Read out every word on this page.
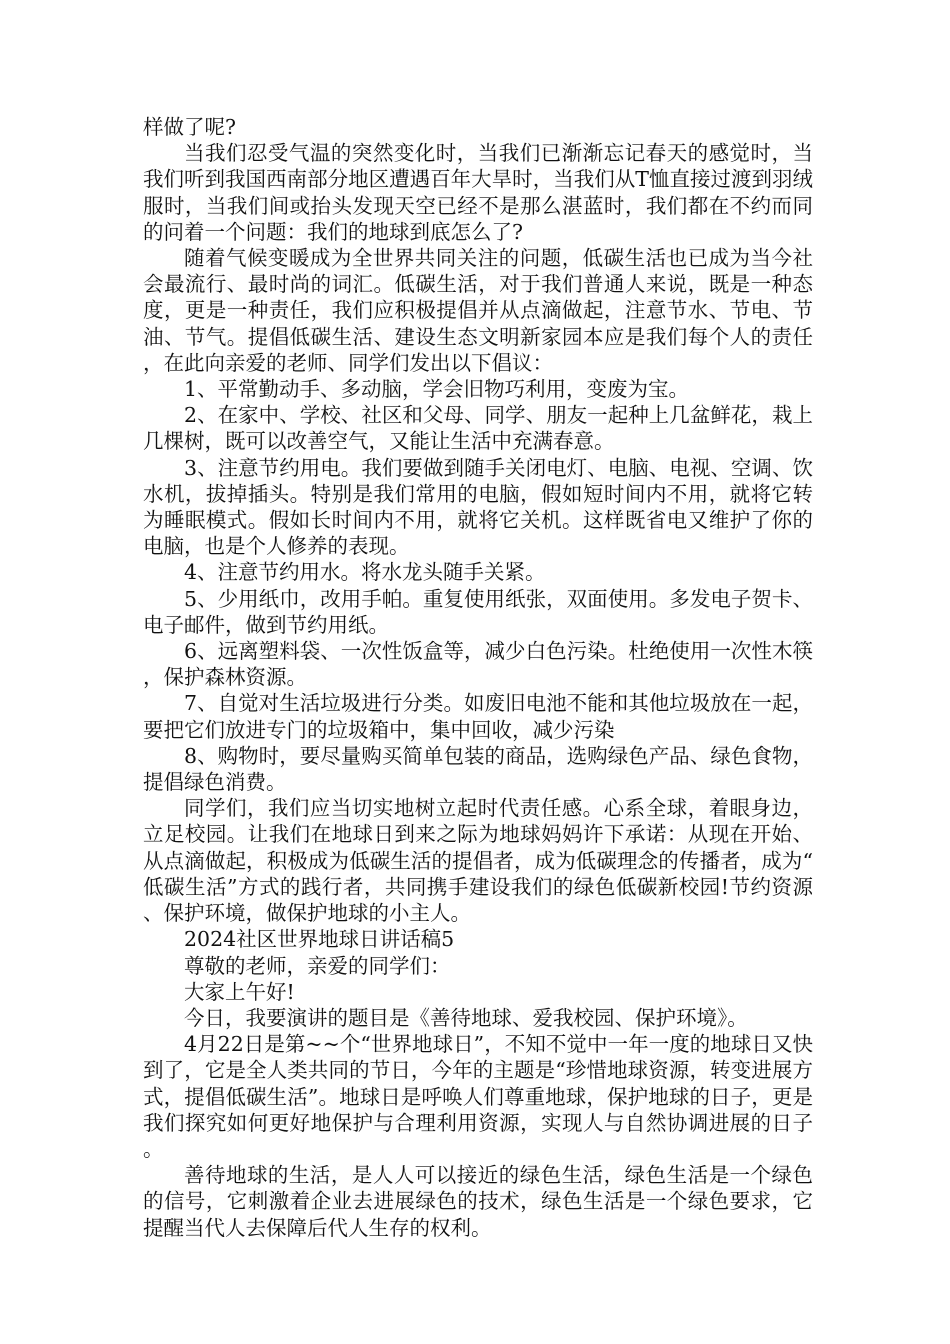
样做了呢?

当我们忍受气温的突然变化时，当我们已渐渐忘记春天的感觉时，当我们听到我国西南部分地区遭遇百年大旱时，当我们从T恤直接过渡到羽绒服时，当我们间或抬头发现天空已经不是那么湛蓝时，我们都在不约而同的问着一个问题：我们的地球到底怎么了?

随着气候变暖成为全世界共同关注的问题，低碳生活也已成为当今社会最流行、最时尚的词汇。低碳生活，对于我们普通人来说，既是一种态度，更是一种责任，我们应积极提倡并从点滴做起，注意节水、节电、节油、节气。提倡低碳生活、建设生态文明新家园本应是我们每个人的责任，在此向亲爱的老师、同学们发出以下倡议：

1、平常勤动手、多动脑，学会旧物巧利用，变废为宝。

2、在家中、学校、社区和父母、同学、朋友一起种上几盆鲜花，栽上几棵树，既可以改善空气，又能让生活中充满春意。

3、注意节约用电。我们要做到随手关闭电灯、电脑、电视、空调、饮水机，拔掉插头。特别是我们常用的电脑，假如短时间内不用，就将它转为睡眠模式。假如长时间内不用，就将它关机。这样既省电又维护了你的电脑，也是个人修养的表现。

4、注意节约用水。将水龙头随手关紧。

5、少用纸巾，改用手帕。重复使用纸张，双面使用。多发电子贺卡、电子邮件，做到节约用纸。

6、远离塑料袋、一次性饭盒等，减少白色污染。杜绝使用一次性木筷，保护森林资源。

7、自觉对生活垃圾进行分类。如废旧电池不能和其他垃圾放在一起，要把它们放进专门的垃圾箱中，集中回收，减少污染

8、购物时，要尽量购买简单包装的商品，选购绿色产品、绿色食物，提倡绿色消费。

同学们，我们应当切实地树立起时代责任感。心系全球，着眼身边，立足校园。让我们在地球日到来之际为地球妈妈许下承诺：从现在开始、从点滴做起，积极成为低碳生活的提倡者，成为低碳理念的传播者，成为“低碳生活”方式的践行者，共同携手建设我们的绿色低碳新校园!节约资源、保护环境，做保护地球的小主人。

2024社区世界地球日讲话稿5

尊敬的老师，亲爱的同学们：

大家上午好!

今日，我要演讲的题目是《善待地球、爱我校园、保护环境》。

4月22日是第~~个“世界地球日”，不知不觉中一年一度的地球日又快到了，它是全人类共同的节日，今年的主题是“珍惜地球资源，转变进展方式，提倡低碳生活”。地球日是呼唤人们尊重地球，保护地球的日子，更是我们探究如何更好地保护与合理利用资源，实现人与自然协调进展的日子。

善待地球的生活，是人人可以接近的绿色生活，绿色生活是一个绿色的信号，它刺激着企业去进展绿色的技术，绿色生活是一个绿色要求，它提醒当代人去保障后代人生存的权利。
